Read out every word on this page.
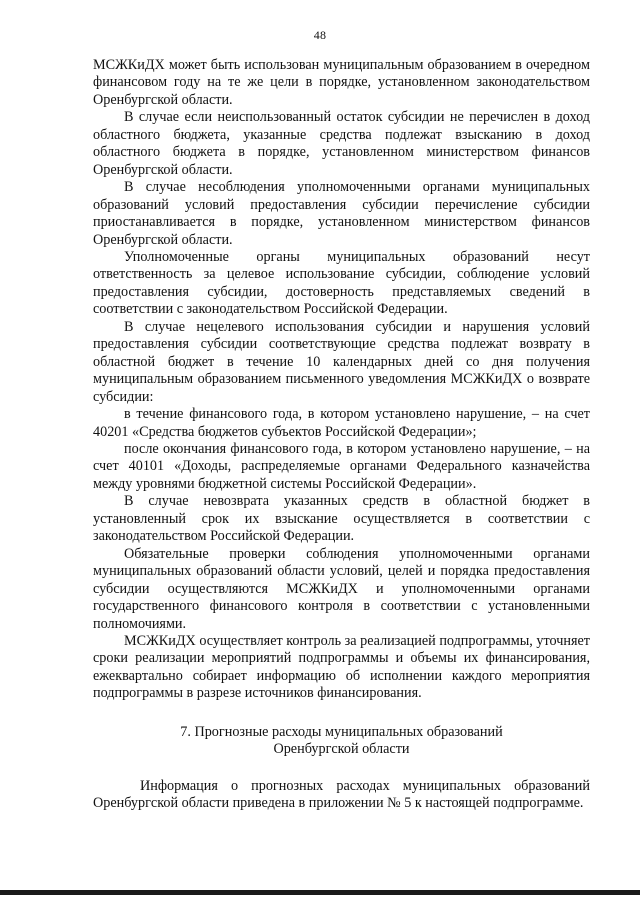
48

МСЖКиДХ может быть использован муниципальным образованием в очередном финансовом году на те же цели в порядке, установленном законодательством Оренбургской области.

В случае если неиспользованный остаток субсидии не перечислен в доход областного бюджета, указанные средства подлежат взысканию в доход областного бюджета в порядке, установленном министерством финансов Оренбургской области.

В случае несоблюдения уполномоченными органами муниципальных образований условий предоставления субсидии перечисление субсидии приостанавливается в порядке, установленном министерством финансов Оренбургской области.

Уполномоченные органы муниципальных образований несут ответственность за целевое использование субсидии, соблюдение условий предоставления субсидии, достоверность представляемых сведений в соответствии с законодательством Российской Федерации.

В случае нецелевого использования субсидии и нарушения условий предоставления субсидии соответствующие средства подлежат возврату в областной бюджет в течение 10 календарных дней со дня получения муниципальным образованием письменного уведомления МСЖКиДХ о возврате субсидии:

в течение финансового года, в котором установлено нарушение, – на счет 40201 «Средства бюджетов субъектов Российской Федерации»;

после окончания финансового года, в котором установлено нарушение, – на счет 40101 «Доходы, распределяемые органами Федерального казначейства между уровнями бюджетной системы Российской Федерации».

В случае невозврата указанных средств в областной бюджет в установленный срок их взыскание осуществляется в соответствии с законодательством Российской Федерации.

Обязательные проверки соблюдения уполномоченными органами муниципальных образований области условий, целей и порядка предоставления субсидии осуществляются МСЖКиДХ и уполномоченными органами государственного финансового контроля в соответствии с установленными полномочиями.

МСЖКиДХ осуществляет контроль за реализацией подпрограммы, уточняет сроки реализации мероприятий подпрограммы и объемы их финансирования, ежеквартально собирает информацию об исполнении каждого мероприятия подпрограммы в разрезе источников финансирования.

7. Прогнозные расходы муниципальных образований
Оренбургской области

Информация о прогнозных расходах муниципальных образований Оренбургской области приведена в приложении № 5 к настоящей подпрограмме.
